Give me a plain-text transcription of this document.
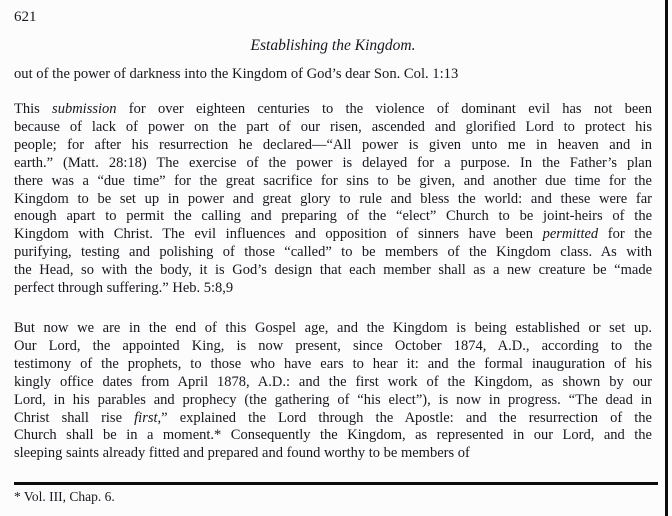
621
Establishing the Kingdom.
out of the power of darkness into the Kingdom of God’s dear Son. Col. 1:13
This submission for over eighteen centuries to the violence of dominant evil has not been
because of lack of power on the part of our risen, ascended and glorified Lord to protect his
people; for after his resurrection he declared—“All power is given unto me in heaven and in
earth.” (Matt. 28:18) The exercise of the power is delayed for a purpose. In the Father’s plan
there was a “due time” for the great sacrifice for sins to be given, and another due time for the
Kingdom to be set up in power and great glory to rule and bless the world: and these were far
enough apart to permit the calling and preparing of the “elect” Church to be joint-heirs of the
Kingdom with Christ. The evil influences and opposition of sinners have been permitted for the
purifying, testing and polishing of those “called” to be members of the Kingdom class. As with
the Head, so with the body, it is God’s design that each member shall as a new creature be “made
perfect through suffering.” Heb. 5:8,9
But now we are in the end of this Gospel age, and the Kingdom is being established or set up.
Our Lord, the appointed King, is now present, since October 1874, A.D., according to the
testimony of the prophets, to those who have ears to hear it: and the formal inauguration of his
kingly office dates from April 1878, A.D.: and the first work of the Kingdom, as shown by our
Lord, in his parables and prophecy (the gathering of “his elect”), is now in progress. “The dead in
Christ shall rise first,” explained the Lord through the Apostle: and the resurrection of the
Church shall be in a moment.* Consequently the Kingdom, as represented in our Lord, and the
sleeping saints already fitted and prepared and found worthy to be members of
* Vol. III, Chap. 6.
